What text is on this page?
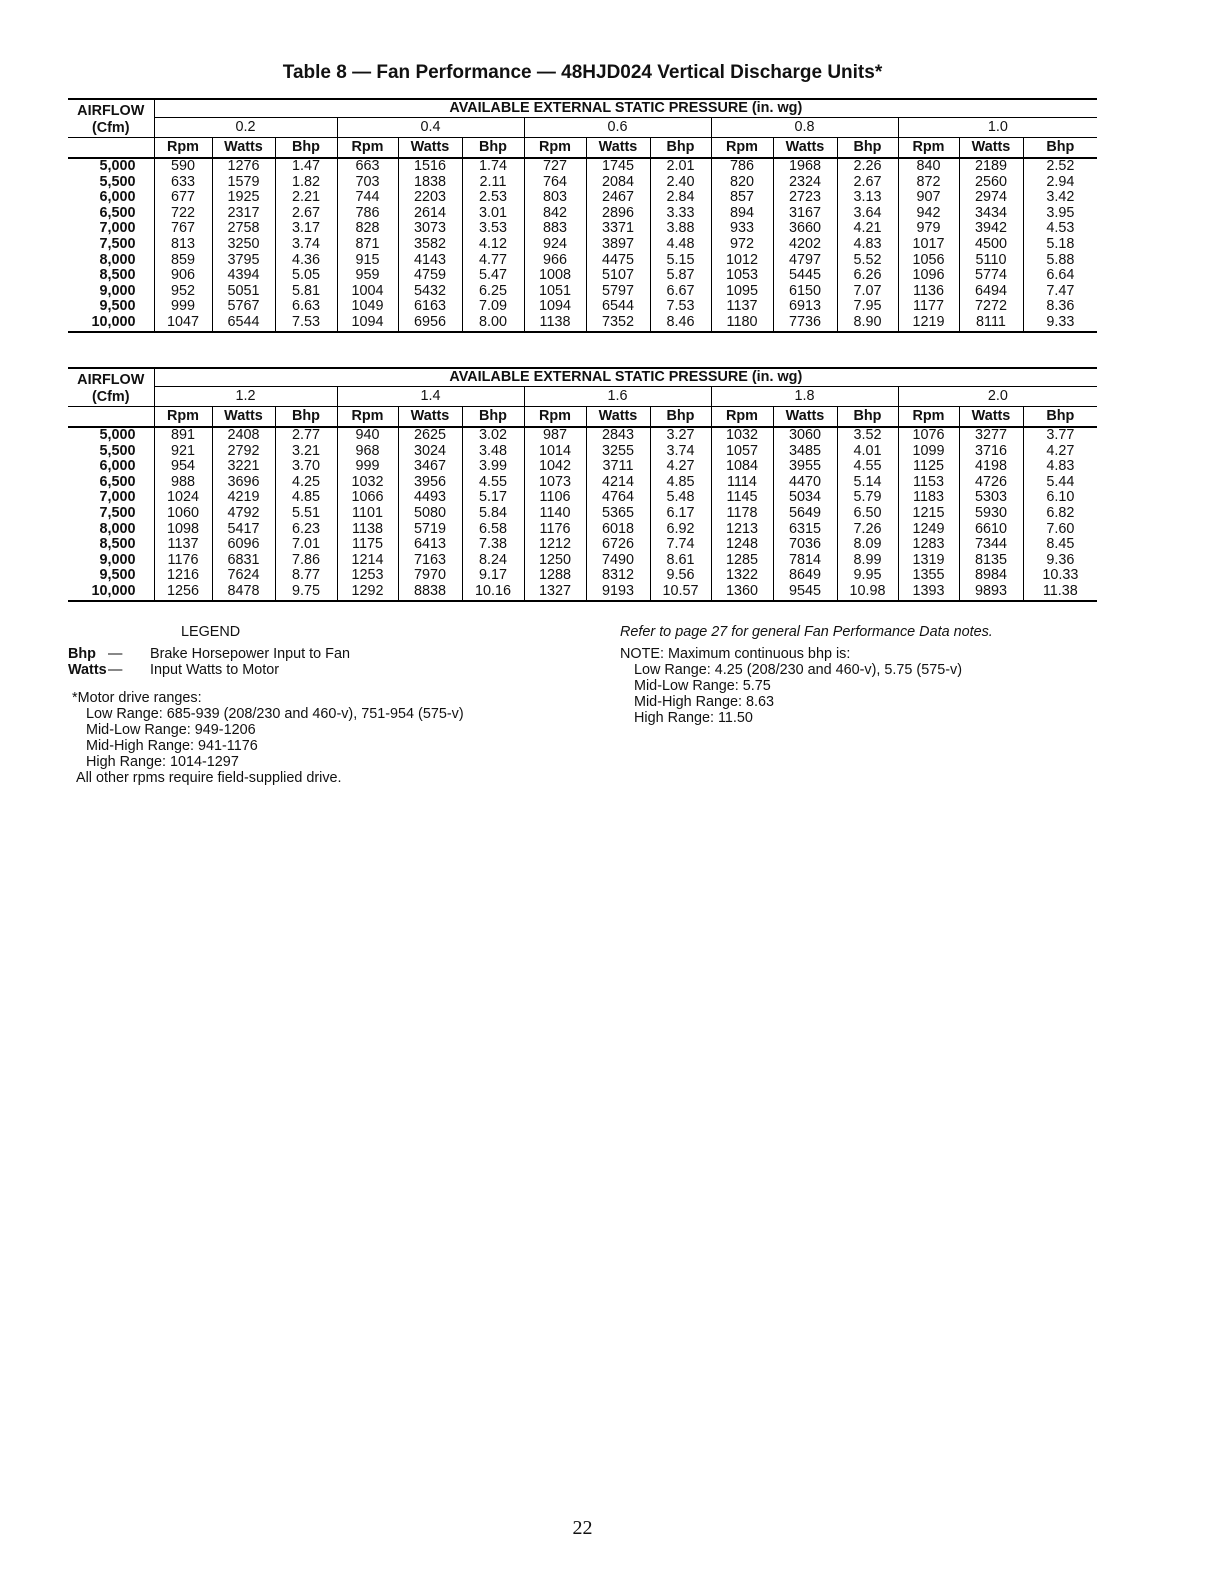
Table 8 — Fan Performance — 48HJD024 Vertical Discharge Units*
AIRFLOW
(Cfm)	AVAILABLE EXTERNAL STATIC PRESSURE (in. wg)														
	0.2			0.4			0.6			0.8			1.0		
	Rpm	Watts	Bhp	Rpm	Watts	Bhp	Rpm	Watts	Bhp	Rpm	Watts	Bhp	Rpm	Watts	Bhp
5,000	590	1276	1.47	663	1516	1.74	727	1745	2.01	786	1968	2.26	840	2189	2.52
5,500	633	1579	1.82	703	1838	2.11	764	2084	2.40	820	2324	2.67	872	2560	2.94
6,000	677	1925	2.21	744	2203	2.53	803	2467	2.84	857	2723	3.13	907	2974	3.42
6,500	722	2317	2.67	786	2614	3.01	842	2896	3.33	894	3167	3.64	942	3434	3.95
7,000	767	2758	3.17	828	3073	3.53	883	3371	3.88	933	3660	4.21	979	3942	4.53
7,500	813	3250	3.74	871	3582	4.12	924	3897	4.48	972	4202	4.83	1017	4500	5.18
8,000	859	3795	4.36	915	4143	4.77	966	4475	5.15	1012	4797	5.52	1056	5110	5.88
8,500	906	4394	5.05	959	4759	5.47	1008	5107	5.87	1053	5445	6.26	1096	5774	6.64
9,000	952	5051	5.81	1004	5432	6.25	1051	5797	6.67	1095	6150	7.07	1136	6494	7.47
9,500	999	5767	6.63	1049	6163	7.09	1094	6544	7.53	1137	6913	7.95	1177	7272	8.36
10,000	1047	6544	7.53	1094	6956	8.00	1138	7352	8.46	1180	7736	8.90	1219	8111	9.33
AIRFLOW
(Cfm)	AVAILABLE EXTERNAL STATIC PRESSURE (in. wg)														
	1.2			1.4			1.6			1.8			2.0		
	Rpm	Watts	Bhp	Rpm	Watts	Bhp	Rpm	Watts	Bhp	Rpm	Watts	Bhp	Rpm	Watts	Bhp
5,000	891	2408	2.77	940	2625	3.02	987	2843	3.27	1032	3060	3.52	1076	3277	3.77
5,500	921	2792	3.21	968	3024	3.48	1014	3255	3.74	1057	3485	4.01	1099	3716	4.27
6,000	954	3221	3.70	999	3467	3.99	1042	3711	4.27	1084	3955	4.55	1125	4198	4.83
6,500	988	3696	4.25	1032	3956	4.55	1073	4214	4.85	1114	4470	5.14	1153	4726	5.44
7,000	1024	4219	4.85	1066	4493	5.17	1106	4764	5.48	1145	5034	5.79	1183	5303	6.10
7,500	1060	4792	5.51	1101	5080	5.84	1140	5365	6.17	1178	5649	6.50	1215	5930	6.82
8,000	1098	5417	6.23	1138	5719	6.58	1176	6018	6.92	1213	6315	7.26	1249	6610	7.60
8,500	1137	6096	7.01	1175	6413	7.38	1212	6726	7.74	1248	7036	8.09	1283	7344	8.45
9,000	1176	6831	7.86	1214	7163	8.24	1250	7490	8.61	1285	7814	8.99	1319	8135	9.36
9,500	1216	7624	8.77	1253	7970	9.17	1288	8312	9.56	1322	8649	9.95	1355	8984	10.33
10,000	1256	8478	9.75	1292	8838	10.16	1327	9193	10.57	1360	9545	10.98	1393	9893	11.38
LEGEND
Bhp —	Brake Horsepower Input to Fan
Watts —	Input Watts to Motor
*Motor drive ranges:
Low Range: 685-939 (208/230 and 460-v), 751-954 (575-v)
Mid-Low Range: 949-1206
Mid-High Range: 941-1176
High Range: 1014-1297
All other rpms require field-supplied drive.
Refer to page 27 for general Fan Performance Data notes.
NOTE: Maximum continuous bhp is:
Low Range: 4.25 (208/230 and 460-v), 5.75 (575-v)
Mid-Low Range: 5.75
Mid-High Range: 8.63
High Range: 11.50
22
